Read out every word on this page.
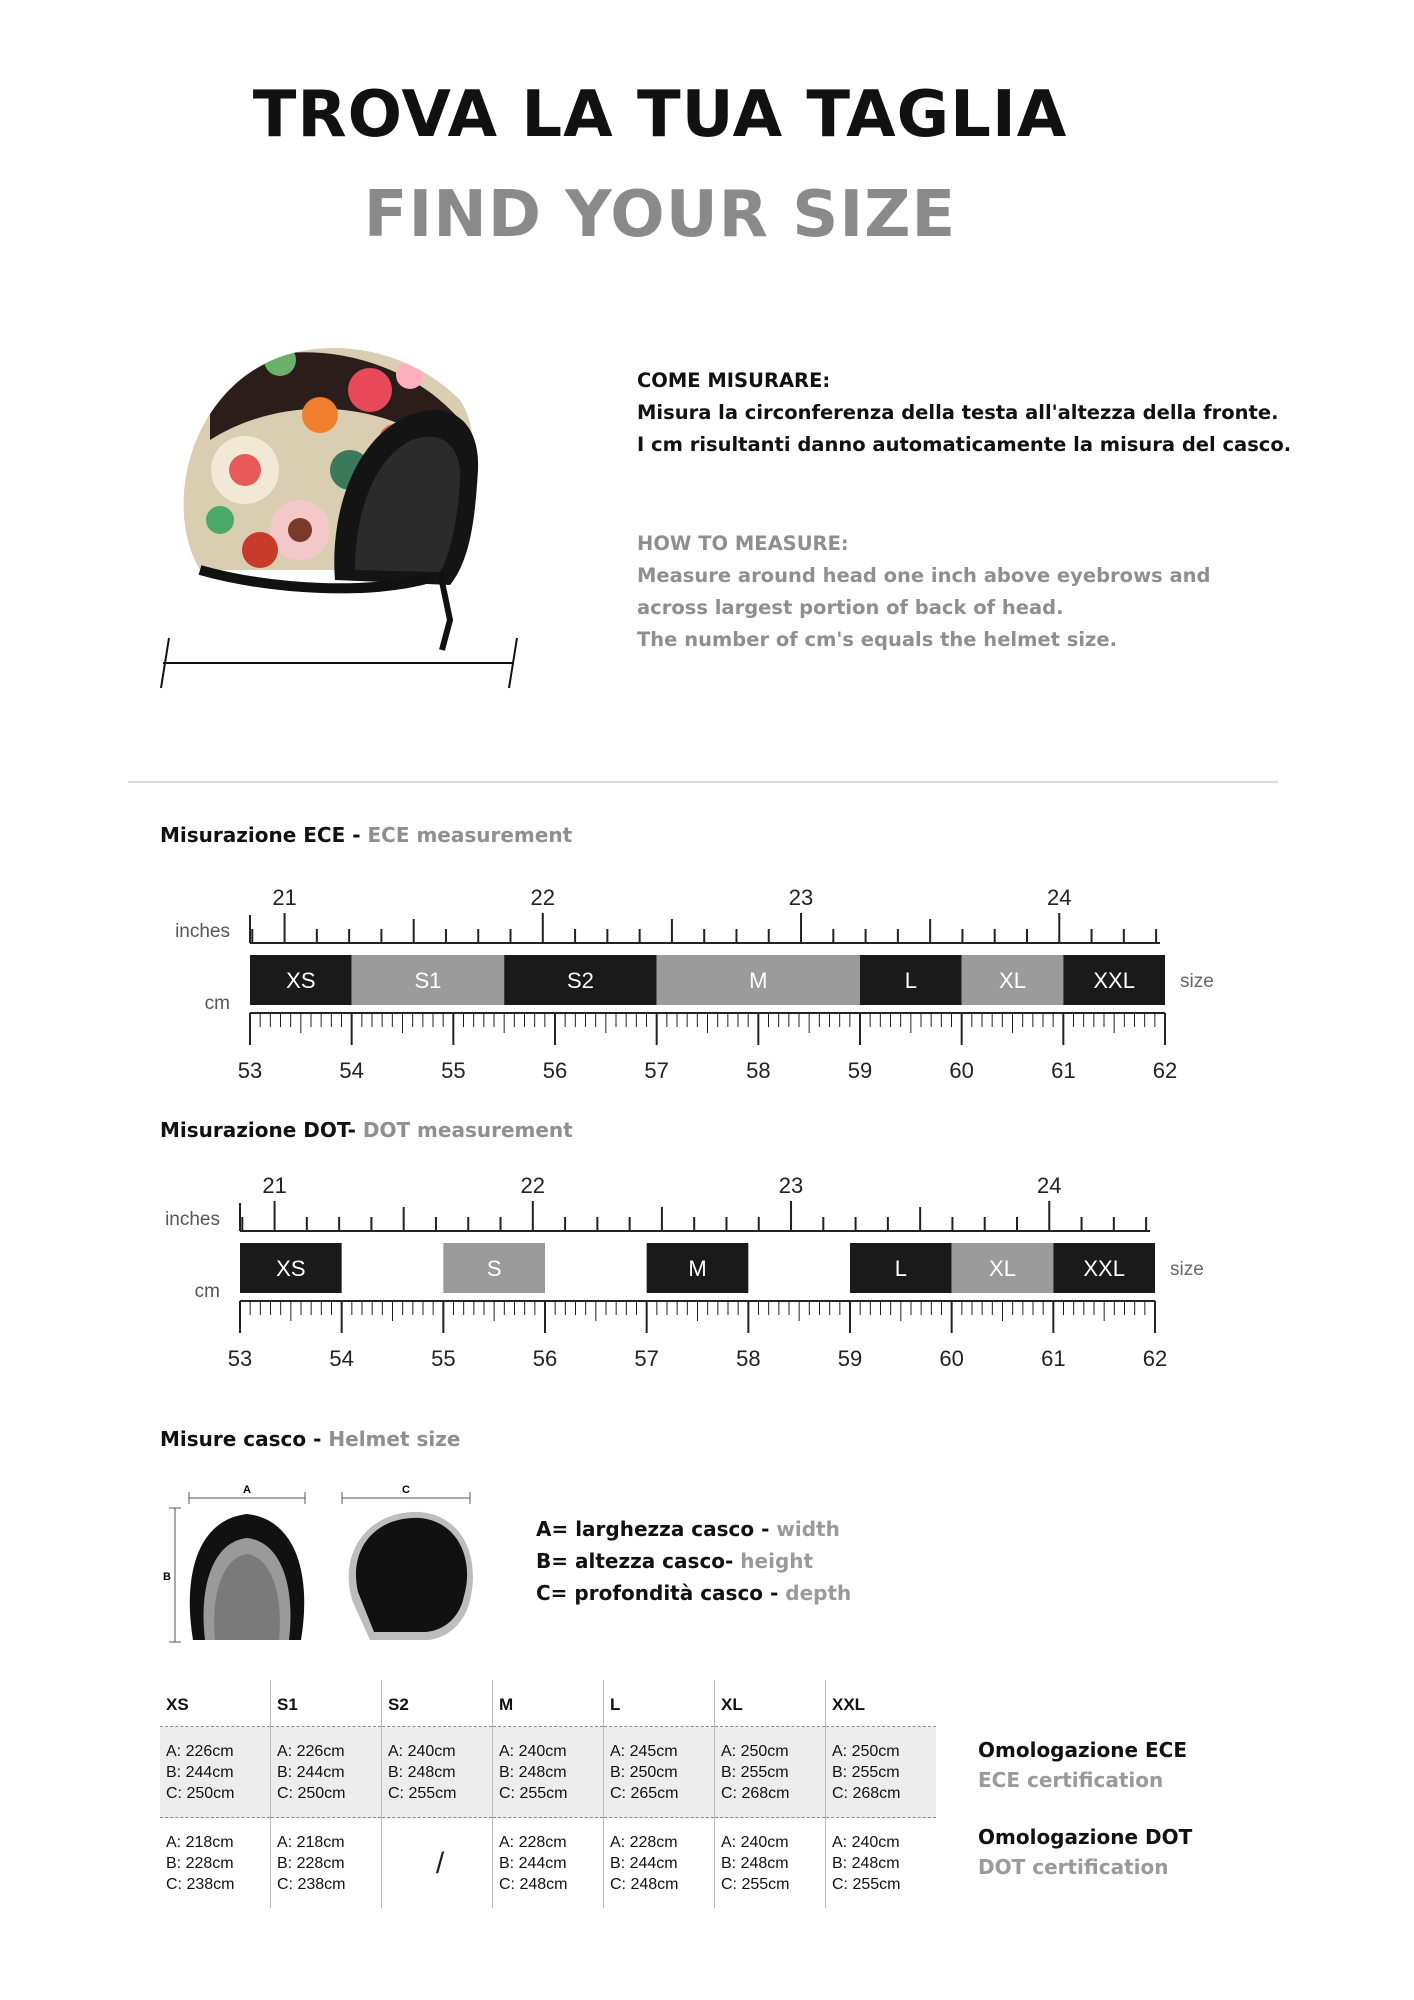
TROVA LA TUA TAGLIA
FIND YOUR SIZE

COME MISURARE:

Misura la circonferenza della testa all'altezza della fronte.

I cm risultanti danno automaticamente la misura del casco.

HOW TO MEASURE:

Measure around head one inch above eyebrows and

across largest portion of back of head.

The number of cm's equals the helmet size.

Misurazione ECE - ECE measurement
21	22	23	24
inches
XS	S1	S2	M	L	XL	XXL size
53	54	55	56	57	58	59	60	61	62
cm
Misurazione DOT- DOT measurement
21	22	23	24
inches
XS	S	M	L	XL	XXL size
53	54	55	56	57	58	59	60	61	62
cm
Misure casco - Helmet size
A
B
C
A= larghezza casco - width
B= altezza casco- height
C= profondità casco - depth
XS	S1	S2	M	L	XL	XXL

A: 226cm
B: 244cm
C: 250cm	A: 226cm
B: 244cm
C: 250cm	A: 240cm
B: 248cm
C: 255cm	A: 240cm
B: 248cm
C: 255cm	A: 245cm
B: 250cm
C: 265cm	A: 250cm
B: 255cm
C: 268cm	A: 250cm
B: 255cm
C: 268cm

A: 218cm
B: 228cm
C: 238cm	A: 218cm
B: 228cm
C: 238cm	/	A: 228cm
B: 244cm
C: 248cm	A: 228cm
B: 244cm
C: 248cm	A: 240cm
B: 248cm
C: 255cm	A: 240cm
B: 248cm
C: 255cm
Omologazione ECE
ECE certification
Omologazione DOT
DOT certification
